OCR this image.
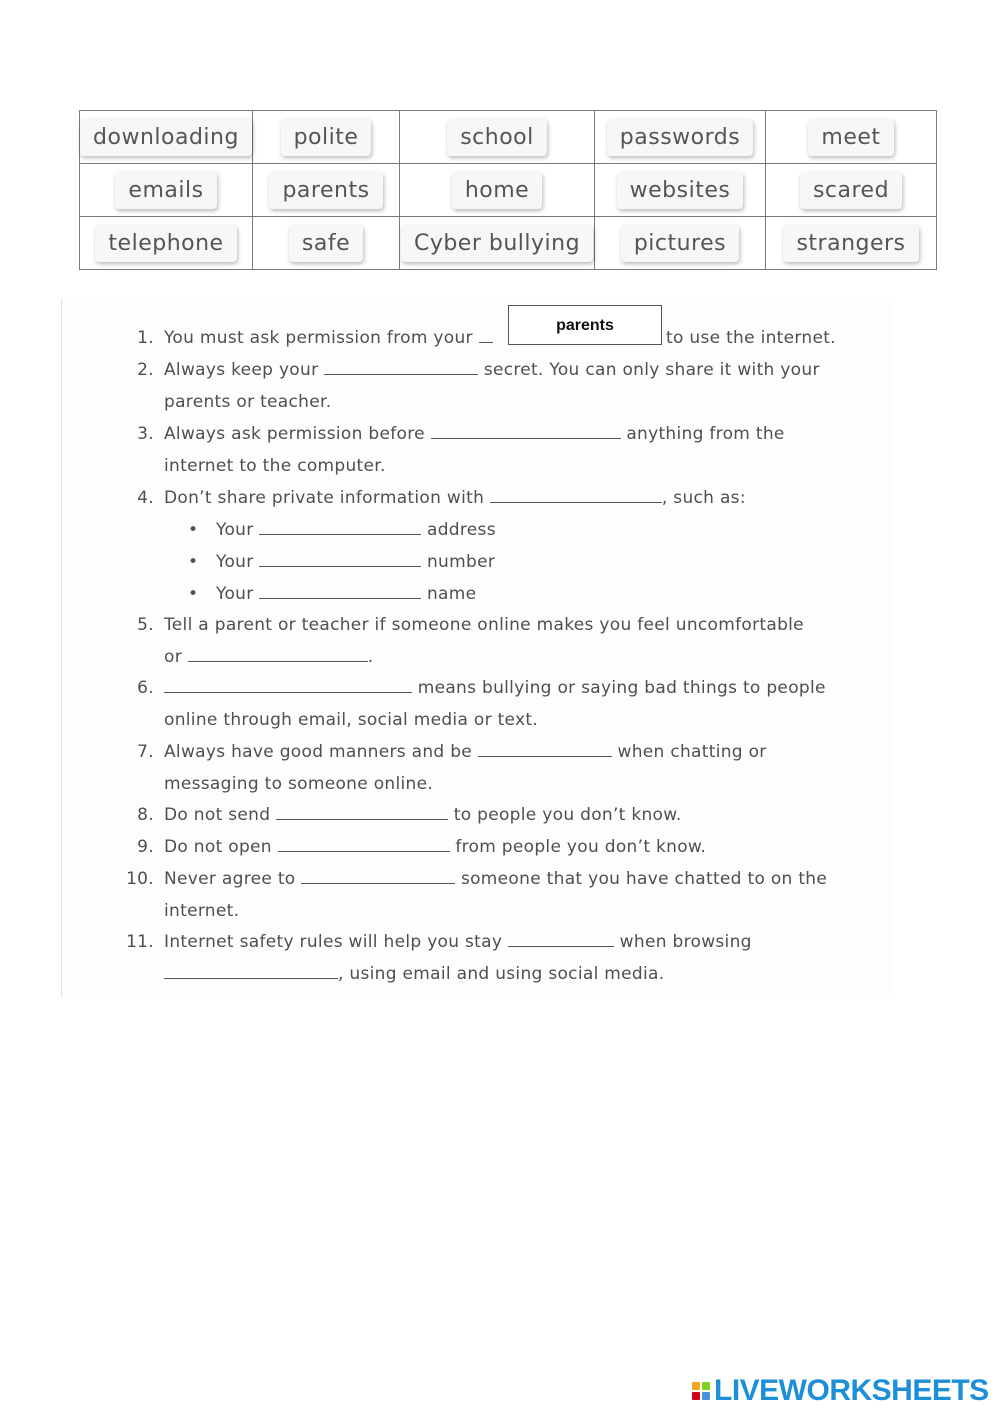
downloading	polite	school	passwords	meet
emails	parents	home	websites	scared
telephone	safe	Cyber bullying	pictures	strangers
1. You must ask permission from your	to use the internet.
2. Always keep your	secret. You can only share it with your
parents or teacher.
3. Always ask permission before	anything from the
internet to the computer.
4. Don’t share private information with	, such as:
• Your	address
• Your	number
• Your	name
5. Tell a parent or teacher if someone online makes you feel uncomfortable
or	.
6.	means bullying or saying bad things to people
online through email, social media or text.
7. Always have good manners and be	when chatting or
messaging to someone online.
8. Do not send	to people you don’t know.
9. Do not open	from people you don’t know.
10. Never agree to	someone that you have chatted to on the
internet.
11. Internet safety rules will help you stay	when browsing
, using email and using social media.
parents
LIVEWORKSHEETS
